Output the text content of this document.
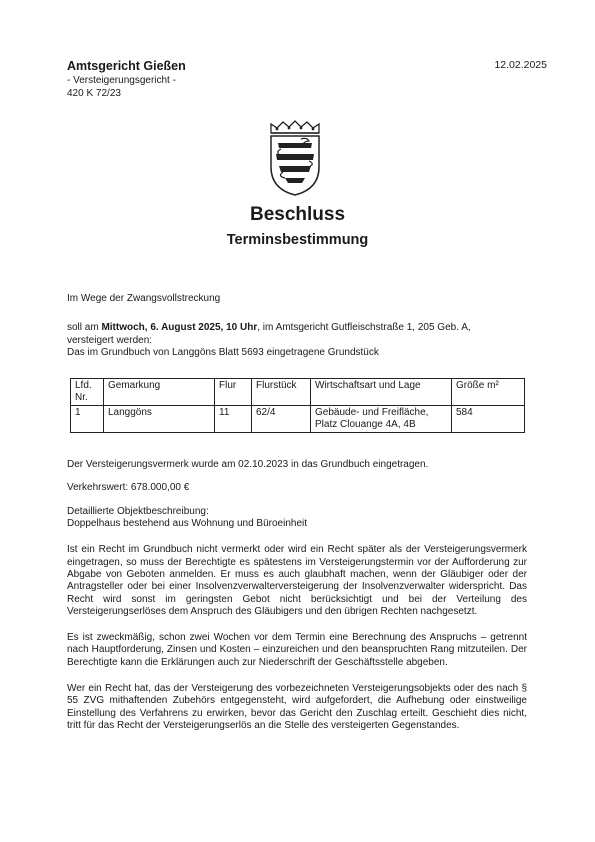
Amtsgericht Gießen
- Versteigerungsgericht -
420 K 72/23
12.02.2025
Beschluss
Terminsbestimmung

Im Wege der Zwangsvollstreckung

soll am Mittwoch, 6. August 2025, 10 Uhr, im Amtsgericht Gutfleischstraße 1, 205 Geb. A,

versteigert werden:

Das im Grundbuch von Langgöns Blatt 5693 eingetragene Grundstück

Lfd. Nr.	Gemarkung	Flur	Flurstück	Wirtschaftsart und Lage	Größe m²
1	Langgöns	11	62/4	Gebäude- und Freifläche, Platz Clouange 4A, 4B	584

Der Versteigerungsvermerk wurde am 02.10.2023 in das Grundbuch eingetragen.

Verkehrswert: 678.000,00 €

Detaillierte Objektbeschreibung:

Doppelhaus bestehend aus Wohnung und Büroeinheit

Ist ein Recht im Grundbuch nicht vermerkt oder wird ein Recht später als der Versteigerungsvermerk eingetragen, so muss der Berechtigte es spätestens im Versteigerungstermin vor der Aufforderung zur Abgabe von Geboten anmelden. Er muss es auch glaubhaft machen, wenn der Gläubiger oder der Antragsteller oder bei einer Insolvenzverwalterversteigerung der Insolvenzverwalter widerspricht. Das Recht wird sonst im geringsten Gebot nicht berücksichtigt und bei der Verteilung des Versteigerungserlöses dem Anspruch des Gläubigers und den übrigen Rechten nachgesetzt.

Es ist zweckmäßig, schon zwei Wochen vor dem Termin eine Berechnung des Anspruchs – getrennt nach Hauptforderung, Zinsen und Kosten – einzureichen und den beanspruchten Rang mitzuteilen. Der Berechtigte kann die Erklärungen auch zur Niederschrift der Geschäftsstelle abgeben.

Wer ein Recht hat, das der Versteigerung des vorbezeichneten Versteigerungsobjekts oder des nach § 55 ZVG mithaftenden Zubehörs entgegensteht, wird aufgefordert, die Aufhebung oder einstweilige Einstellung des Verfahrens zu erwirken, bevor das Gericht den Zuschlag erteilt. Geschieht dies nicht, tritt für das Recht der Versteigerungserlös an die Stelle des versteigerten Gegenstandes.
